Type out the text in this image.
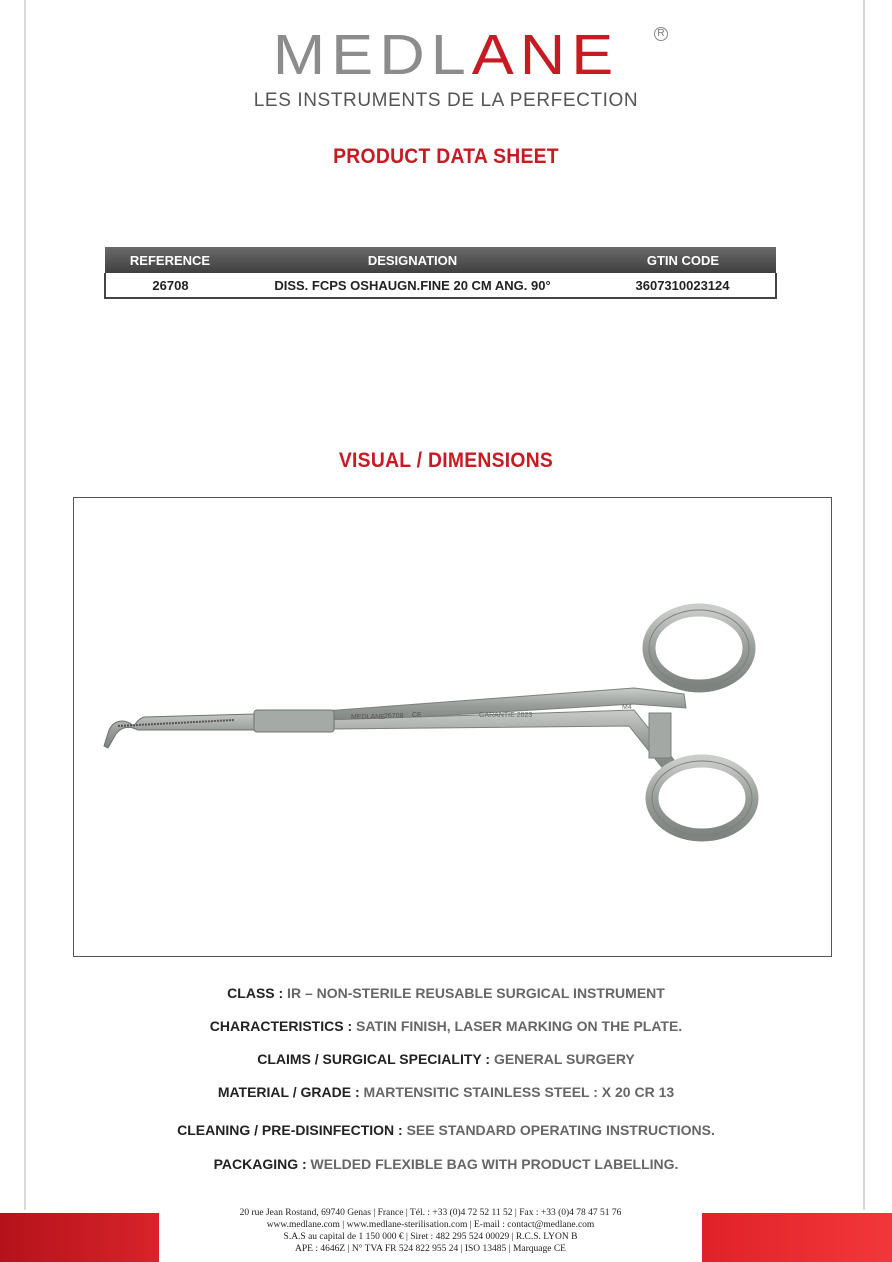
MEDLANE	R
LES INSTRUMENTS DE LA PERFECTION
PRODUCT DATA SHEET
REFERENCE	DESIGNATION	GTIN CODE
26708	DISS. FCPS OSHAUGN.FINE 20 CM ANG. 90°	3607310023124
VISUAL / DIMENSIONS
MEDLANE 26708 CE	GARANTIE 2023
M4
CLASS : IR – NON-STERILE REUSABLE SURGICAL INSTRUMENT
CHARACTERISTICS : SATIN FINISH, LASER MARKING ON THE PLATE.
CLAIMS / SURGICAL SPECIALITY : GENERAL SURGERY
MATERIAL / GRADE : MARTENSITIC STAINLESS STEEL : X 20 CR 13
CLEANING / PRE-DISINFECTION : SEE STANDARD OPERATING INSTRUCTIONS.
PACKAGING : WELDED FLEXIBLE BAG WITH PRODUCT LABELLING.
20 rue Jean Rostand, 69740 Genas | France | Tél. : +33 (0)4 72 52 11 52 | Fax : +33 (0)4 78 47 51 76
www.medlane.com | www.medlane-sterilisation.com | E-mail : contact@medlane.com
S.A.S au capital de 1 150 000 € | Siret : 482 295 524 00029 | R.C.S. LYON B
APE : 4646Z | N° TVA FR 524 822 955 24 | ISO 13485 | Marquage CE
